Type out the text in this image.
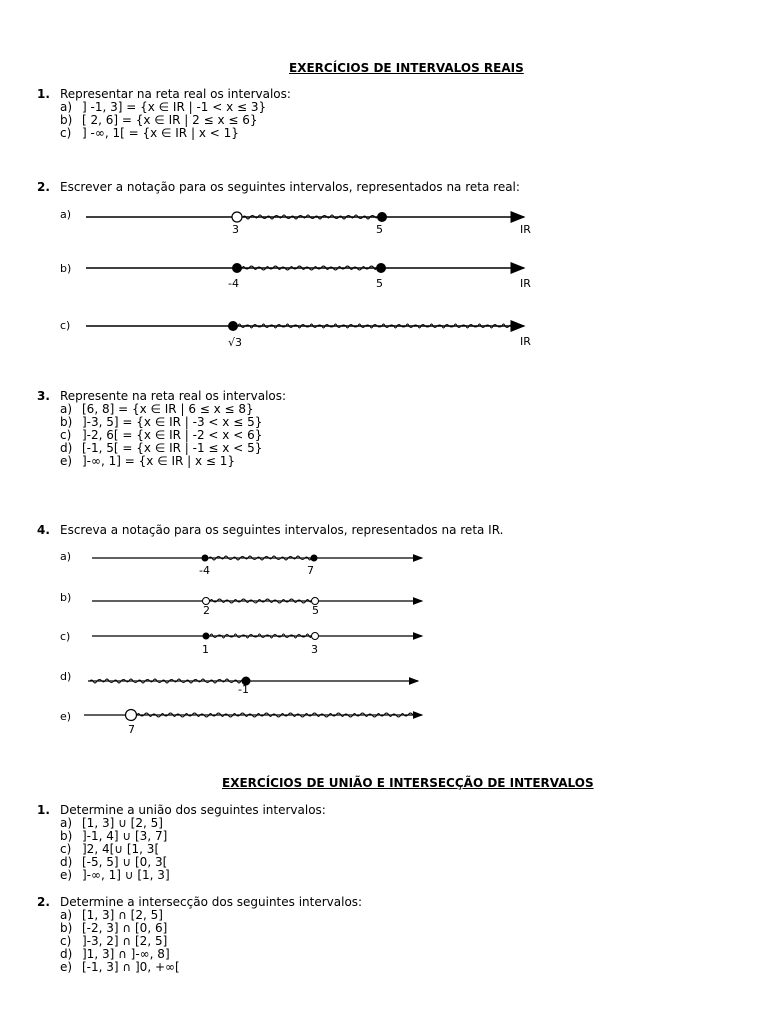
EXERCÍCIOS DE INTERVALOS REAIS
1. Representar na reta real os intervalos:
a) ] -1, 3] = {x ∈ IR | -1 < x ≤ 3}
b) [ 2, 6] = {x ∈ IR | 2 ≤ x ≤ 6}
c) ] -∞, 1[ = {x ∈ IR | x < 1}
2. Escrever a notação para os seguintes intervalos, representados na reta real:
a)
3	5	IR
b)
-4	5	IR
c)
√3	IR
3. Represente na reta real os intervalos:
a) [6, 8] = {x ∈ IR | 6 ≤ x ≤ 8}
b) ]-3, 5] = {x ∈ IR | -3 < x ≤ 5}
c) ]-2, 6[ = {x ∈ IR | -2 < x < 6}
d) [-1, 5[ = {x ∈ IR | -1 ≤ x < 5}
e) ]-∞, 1] = {x ∈ IR | x ≤ 1}
4. Escreva a notação para os seguintes intervalos, representados na reta IR.
a)
-4	7
b)
2	5
c)
1	3
d)
-1
e)
7
EXERCÍCIOS DE UNIÃO E INTERSECÇÃO DE INTERVALOS
1. Determine a união dos seguintes intervalos:
a) [1, 3] ∪ [2, 5]
b) ]-1, 4] ∪ [3, 7]
c) ]2, 4[∪ [1, 3[
d) [-5, 5] ∪ [0, 3[
e) ]-∞, 1] ∪ [1, 3]
2. Determine a intersecção dos seguintes intervalos:
a) [1, 3] ∩ [2, 5]
b) [-2, 3] ∩ [0, 6]
c) ]-3, 2] ∩ [2, 5]
d) ]1, 3] ∩ ]-∞, 8]
e) [-1, 3] ∩ ]0, +∞[
